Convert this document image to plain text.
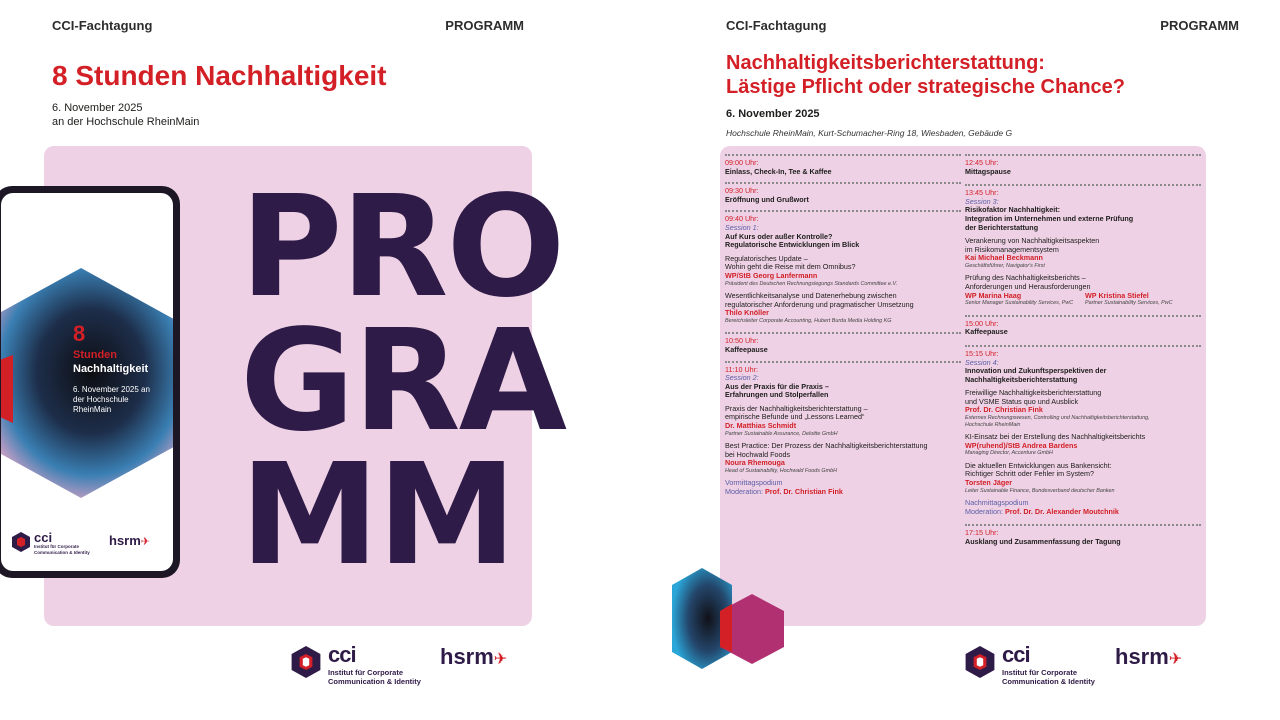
CCI-Fachtagung	PROGRAMM
8 Stunden Nachhaltigkeit
6. November 2025
an der Hochschule RheinMain
PRO
GRA
MM
8
Stunden
Nachhaltigkeit
6. November 2025 an der Hochschule RheinMain
cci
Institut für Corporate
Communication & Identity
hsrm✈
cci
Institut für Corporate
Communication & Identity
hsrm✈
CCI-Fachtagung	PROGRAMM
Nachhaltigkeitsberichterstattung:
Lästige Pflicht oder strategische Chance?
6. November 2025
Hochschule RheinMain, Kurt-Schumacher-Ring 18, Wiesbaden, Gebäude G
09:00 Uhr:
Einlass, Check-In, Tee & Kaffee
09:30 Uhr:
Eröffnung und Grußwort
09:40 Uhr:
Session 1:
Auf Kurs oder außer Kontrolle?
Regulatorische Entwicklungen im Blick
Regulatorisches Update –
Wohin geht die Reise mit dem Omnibus?
WP/StB Georg Lanfermann
Präsident des Deutschen Rechnungslegungs Standards Committee e.V.
Wesentlichkeitsanalyse und Datenerhebung zwischen
regulatorischer Anforderung und pragmatischer Umsetzung
Thilo Knöller
Bereichsleiter Corporate Accounting, Hubert Burda Media Holding KG
10:50 Uhr:
Kaffeepause
11:10 Uhr:
Session 2:
Aus der Praxis für die Praxis –
Erfahrungen und Stolperfallen
Praxis der Nachhaltigkeitsberichterstattung –
empirische Befunde und „Lessons Learned“
Dr. Matthias Schmidt
Partner Sustainable Assurance, Deloitte GmbH
Best Practice: Der Prozess der Nachhaltigkeitsberichterstattung
bei Hochwald Foods
Noura Rhemouga
Head of Sustainability, Hochwald Foods GmbH
Vormittagspodium
Moderation: Prof. Dr. Christian Fink
12:45 Uhr:
Mittagspause
13:45 Uhr:
Session 3:
Risikofaktor Nachhaltigkeit:
Integration im Unternehmen und externe Prüfung
der Berichterstattung
Verankerung von Nachhaltigkeitsaspekten
im Risikomanagementsystem
Kai Michael Beckmann
Geschäftsführer, Navigator's First
Prüfung des Nachhaltigkeitsberichts –
Anforderungen und Herausforderungen
WP Marina Haag
Senior Manager Sustainability Services, PwC
WP Kristina Stiefel
Partner Sustainability Services, PwC
15:00 Uhr:
Kaffeepause
15:15 Uhr:
Session 4:
Innovation und Zukunftsperspektiven der
Nachhaltigkeitsberichterstattung
Freiwillige Nachhaltigkeitsberichterstattung
und VSME Status quo und Ausblick
Prof. Dr. Christian Fink
Externes Rechnungswesen, Controlling und Nachhaltigkeitsberichterstattung,
Hochschule RheinMain
KI-Einsatz bei der Erstellung des Nachhaltigkeitsberichts
WP(ruhend)/StB Andrea Bardens
Managing Director, Accenture GmbH
Die aktuellen Entwicklungen aus Bankensicht:
Richtiger Schritt oder Fehler im System?
Torsten Jäger
Leiter Sustainable Finance, Bundesverband deutscher Banken
Nachmittagspodium
Moderation: Prof. Dr. Dr. Alexander Moutchnik
17:15 Uhr:
Ausklang und Zusammenfassung der Tagung
cci
Institut für Corporate
Communication & Identity
hsrm✈
